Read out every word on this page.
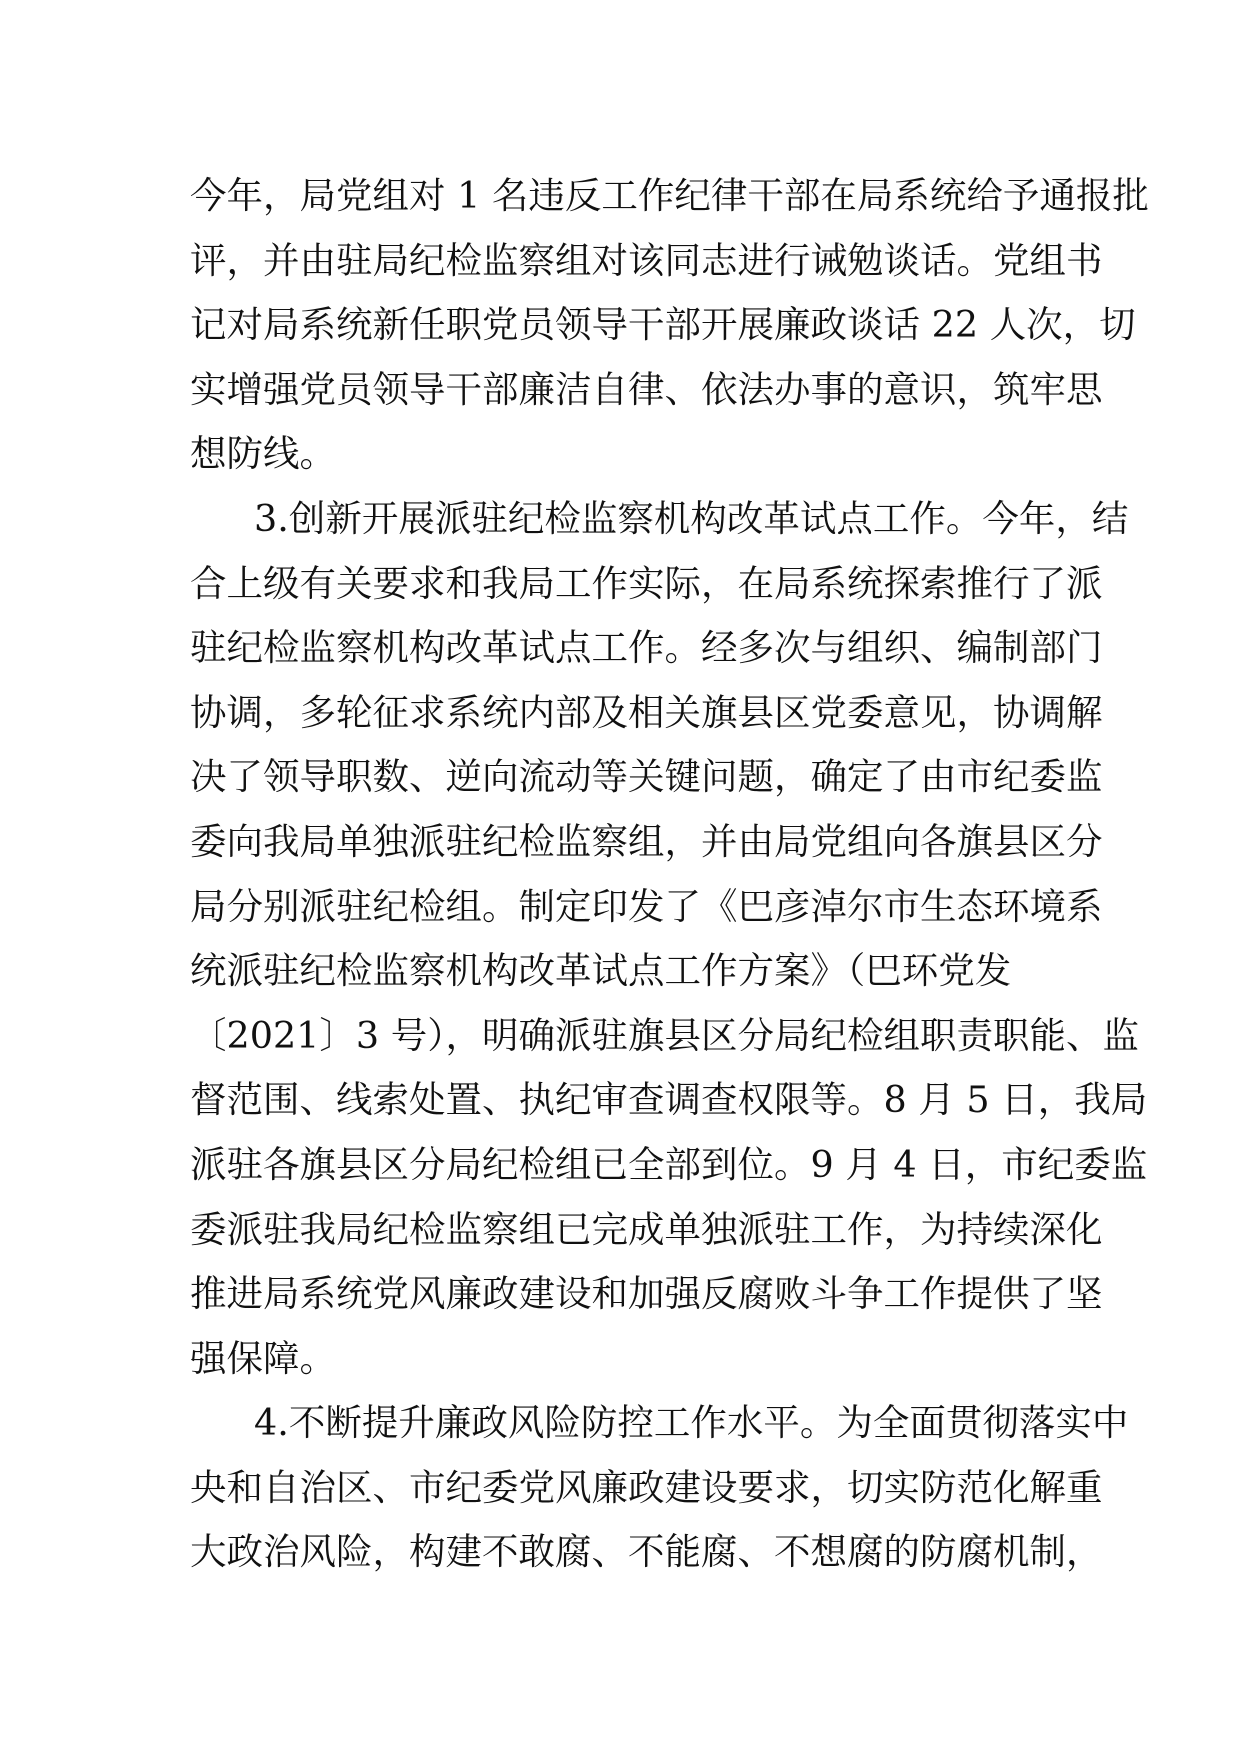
今年，局党组对 1 名违反工作纪律干部在局系统给予通报批
评，并由驻局纪检监察组对该同志进行诫勉谈话。党组书
记对局系统新任职党员领导干部开展廉政谈话 22 人次，切
实增强党员领导干部廉洁自律、依法办事的意识，筑牢思
想防线。
3.创新开展派驻纪检监察机构改革试点工作。今年，结
合上级有关要求和我局工作实际，在局系统探索推行了派
驻纪检监察机构改革试点工作。经多次与组织、编制部门
协调，多轮征求系统内部及相关旗县区党委意见，协调解
决了领导职数、逆向流动等关键问题，确定了由市纪委监
委向我局单独派驻纪检监察组，并由局党组向各旗县区分
局分别派驻纪检组。制定印发了《巴彦淖尔市生态环境系
统派驻纪检监察机构改革试点工作方案》（巴环党发
〔2021〕3 号），明确派驻旗县区分局纪检组职责职能、监
督范围、线索处置、执纪审查调查权限等。8 月 5 日，我局
派驻各旗县区分局纪检组已全部到位。9 月 4 日，市纪委监
委派驻我局纪检监察组已完成单独派驻工作，为持续深化
推进局系统党风廉政建设和加强反腐败斗争工作提供了坚
强保障。
4.不断提升廉政风险防控工作水平。为全面贯彻落实中
央和自治区、市纪委党风廉政建设要求，切实防范化解重
大政治风险，构建不敢腐、不能腐、不想腐的防腐机制，
